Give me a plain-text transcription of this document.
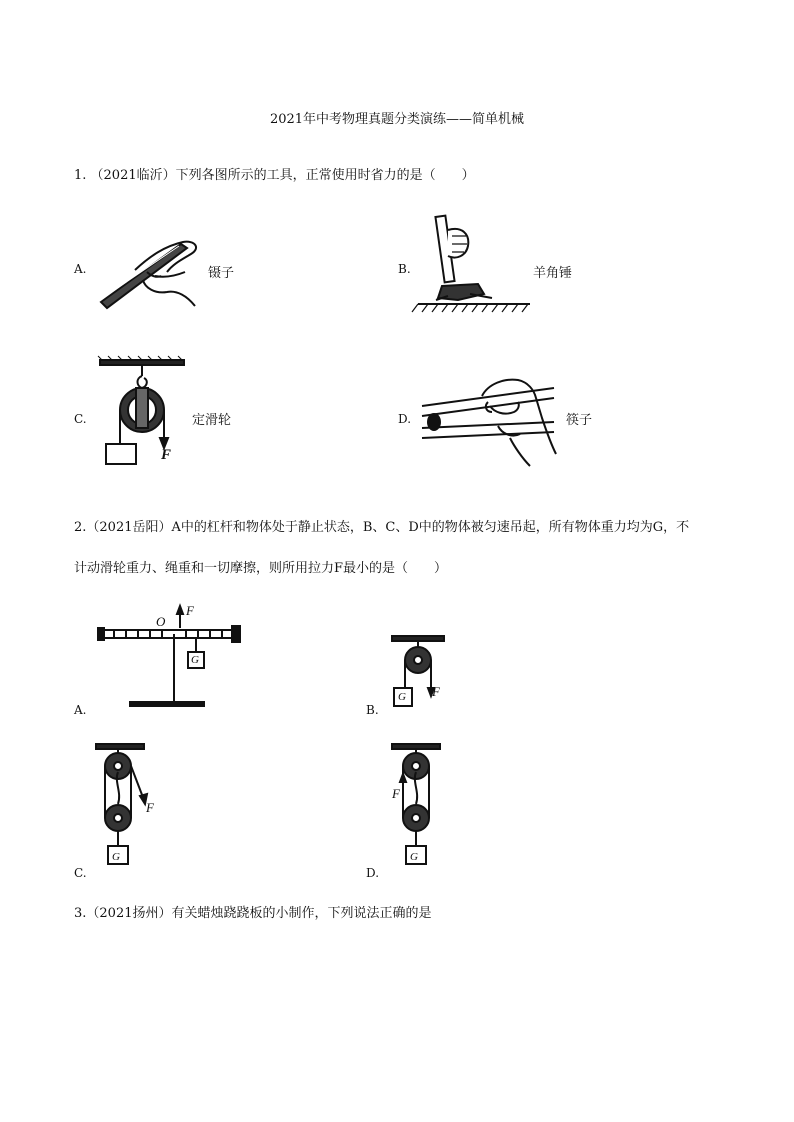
2021年中考物理真题分类演练——简单机械
1. （2021临沂）下列各图所示的工具，正常使用时省力的是（　　）
A.	镊子	B.	羊角锤
C.
F
定滑轮	D.	筷子
2.（2021岳阳）A中的杠杆和物体处于静止状态，B、C、D中的物体被匀速吊起，所有物体重力均为G，不
计动滑轮重力、绳重和一切摩擦，则所用拉力F最小的是（　　）
A.
O
F
G
B.
G F
C.
F
G
D.
F
G
3.（2021扬州）有关蜡烛跷跷板的小制作，下列说法正确的是
